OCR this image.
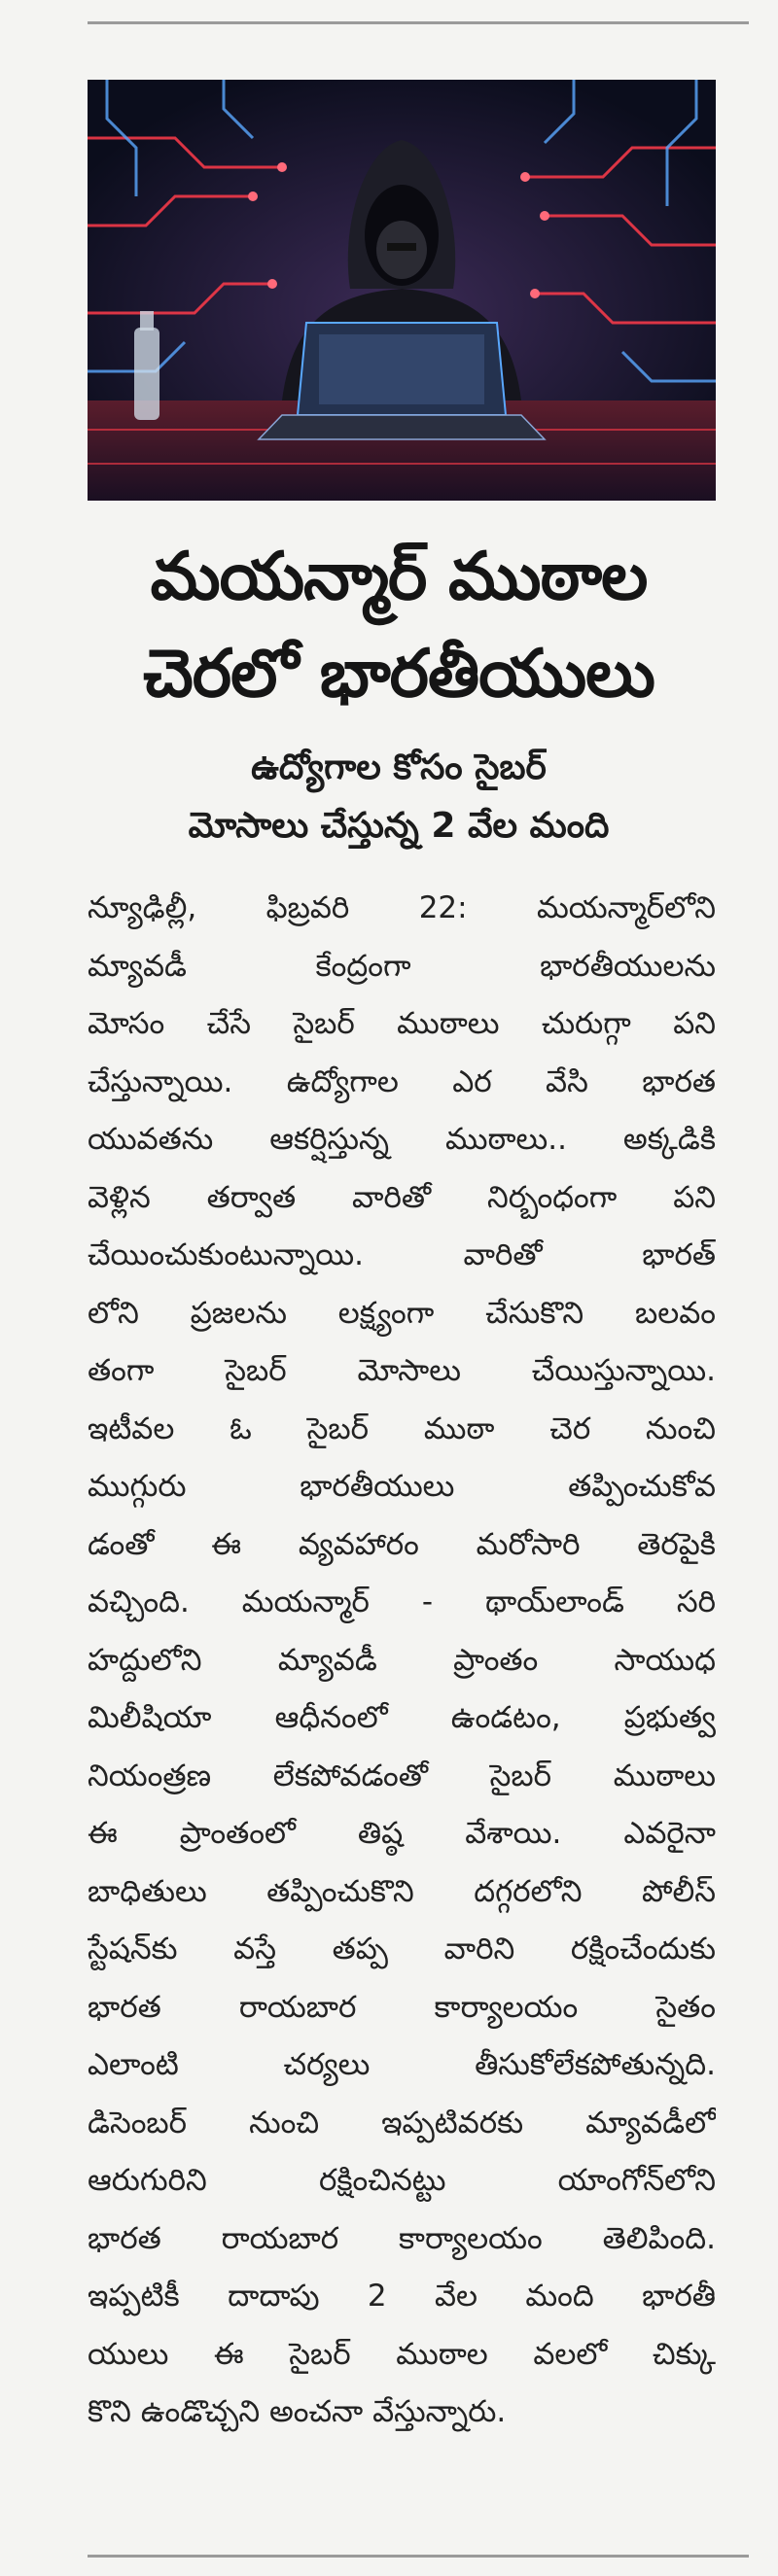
మయన్మార్ ముఠాల
చెరలో భారతీయులు
ఉద్యోగాల కోసం సైబర్
మోసాలు చేస్తున్న 2 వేల మంది
న్యూఢిల్లీ, ఫిబ్రవరి 22: మయన్మార్‌లోని
మ్యావడీ కేంద్రంగా భారతీయులను
మోసం చేసే సైబర్ ముఠాలు చురుగ్గా పని
చేస్తున్నాయి. ఉద్యోగాల ఎర వేసి భారత
యువతను ఆకర్షిస్తున్న ముఠాలు.. అక్కడికి
వెళ్లిన తర్వాత వారితో నిర్బంధంగా పని
చేయించుకుంటున్నాయి. వారితో భారత్
లోని ప్రజలను లక్ష్యంగా చేసుకొని బలవం
తంగా సైబర్ మోసాలు చేయిస్తున్నాయి.
ఇటీవల ఓ సైబర్ ముఠా చెర నుంచి
ముగ్గురు భారతీయులు తప్పించుకోవ
డంతో ఈ వ్యవహారం మరోసారి తెరపైకి
వచ్చింది. మయన్మార్ - థాయ్‌లాండ్ సరి
హద్దులోని మ్యావడీ ప్రాంతం సాయుధ
మిలీషియా ఆధీనంలో ఉండటం, ప్రభుత్వ
నియంత్రణ లేకపోవడంతో సైబర్ ముఠాలు
ఈ ప్రాంతంలో తిష్ఠ వేశాయి. ఎవరైనా
బాధితులు తప్పించుకొని దగ్గరలోని పోలీస్
స్టేషన్‌కు వస్తే తప్ప వారిని రక్షించేందుకు
భారత రాయబార కార్యాలయం సైతం
ఎలాంటి చర్యలు తీసుకోలేకపోతున్నది.
డిసెంబర్ నుంచి ఇప్పటివరకు మ్యావడీలో
ఆరుగురిని రక్షించినట్టు యాంగోన్‌లోని
భారత రాయబార కార్యాలయం తెలిపింది.
ఇప్పటికీ దాదాపు 2 వేల మంది భారతీ
యులు ఈ సైబర్ ముఠాల వలలో చిక్కు
కొని ఉండొచ్చని అంచనా వేస్తున్నారు.
